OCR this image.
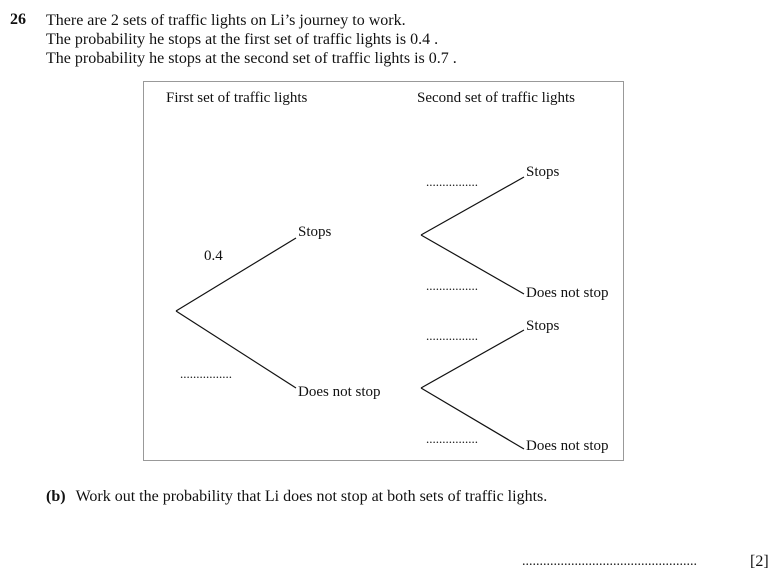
26 There are 2 sets of traffic lights on Li’s journey to work.
The probability he stops at the first set of traffic lights is 0.4 .
The probability he stops at the second set of traffic lights is 0.7 .
First set of traffic lights	Second set of traffic lights
0.4
Stops
................
Does not stop
................
Stops
................	Does not stop
................
Stops
................	Does not stop
(b) Work out the probability that Li does not stop at both sets of traffic lights.
..................................................	[2]
